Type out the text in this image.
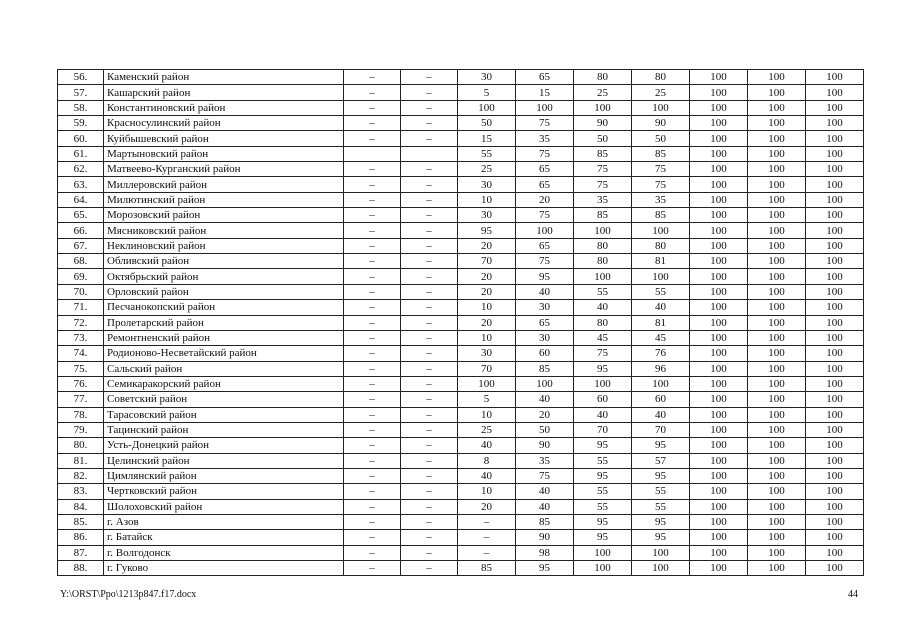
56.	Каменский район	–	–	30	65	80	80	100	100	100
57.	Кашарский район	–	–	5	15	25	25	100	100	100
58.	Константиновский район	–	–	100	100	100	100	100	100	100
59.	Красносулинский район	–	–	50	75	90	90	100	100	100
60.	Куйбышевский район	–	–	15	35	50	50	100	100	100
61.	Мартыновский район			55	75	85	85	100	100	100
62.	Матвеево-Курганский район	–	–	25	65	75	75	100	100	100
63.	Миллеровский район	–	–	30	65	75	75	100	100	100
64.	Милютинский район	–	–	10	20	35	35	100	100	100
65.	Морозовский район	–	–	30	75	85	85	100	100	100
66.	Мясниковский район	–	–	95	100	100	100	100	100	100
67.	Неклиновский район	–	–	20	65	80	80	100	100	100
68.	Обливский район	–	–	70	75	80	81	100	100	100
69.	Октябрьский район	–	–	20	95	100	100	100	100	100
70.	Орловский район	–	–	20	40	55	55	100	100	100
71.	Песчанокопский район	–	–	10	30	40	40	100	100	100
72.	Пролетарский район	–	–	20	65	80	81	100	100	100
73.	Ремонтненский район	–	–	10	30	45	45	100	100	100
74.	Родионово-Несветайский район	–	–	30	60	75	76	100	100	100
75.	Сальский район	–	–	70	85	95	96	100	100	100
76.	Семикаракорский район	–	–	100	100	100	100	100	100	100
77.	Советский район	–	–	5	40	60	60	100	100	100
78.	Тарасовский район	–	–	10	20	40	40	100	100	100
79.	Тацинский район	–	–	25	50	70	70	100	100	100
80.	Усть-Донецкий район	–	–	40	90	95	95	100	100	100
81.	Целинский район	–	–	8	35	55	57	100	100	100
82.	Цимлянский район	–	–	40	75	95	95	100	100	100
83.	Чертковский район	–	–	10	40	55	55	100	100	100
84.	Шолоховский район	–	–	20	40	55	55	100	100	100
85.	г. Азов	–	–	–	85	95	95	100	100	100
86.	г. Батайск	–	–	–	90	95	95	100	100	100
87.	г. Волгодонск	–	–	–	98	100	100	100	100	100
88.	г. Гуково	–	–	85	95	100	100	100	100	100
Y:\ORST\Ppo\1213p847.f17.docx	44
